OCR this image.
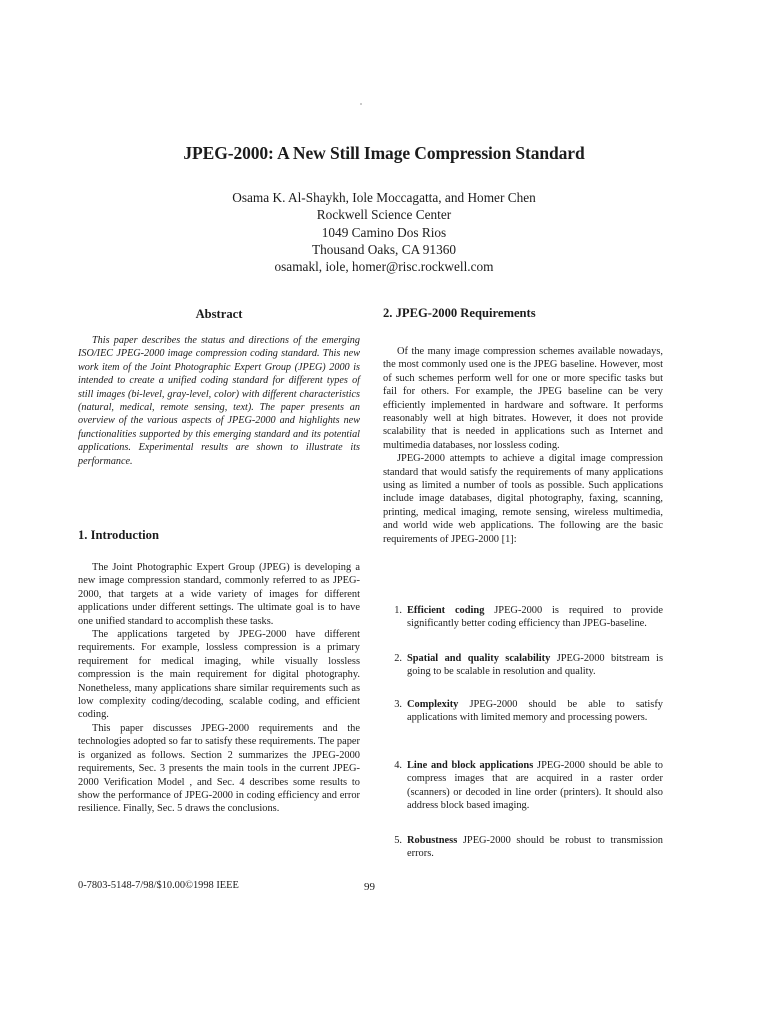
JPEG-2000: A New Still Image Compression Standard
Osama K. Al-Shaykh, Iole Moccagatta, and Homer Chen
Rockwell Science Center
1049 Camino Dos Rios
Thousand Oaks, CA 91360
osamakl, iole, homer@risc.rockwell.com
Abstract
This paper describes the status and directions of the emerging ISO/IEC JPEG-2000 image compression coding standard. This new work item of the Joint Photographic Expert Group (JPEG) 2000 is intended to create a unified coding standard for different types of still images (bi-level, gray-level, color) with different characteristics (natural, medical, remote sensing, text). The paper presents an overview of the various aspects of JPEG-2000 and highlights new functionalities supported by this emerging standard and its potential applications. Experimental results are shown to illustrate its performance.
1. Introduction

The Joint Photographic Expert Group (JPEG) is developing a new image compression standard, commonly referred to as JPEG-2000, that targets at a wide variety of images for different applications under different settings. The ultimate goal is to have one unified standard to accomplish these tasks.

The applications targeted by JPEG-2000 have different requirements. For example, lossless compression is a primary requirement for medical imaging, while visually lossless compression is the main requirement for digital photography. Nonetheless, many applications share similar requirements such as low complexity coding/decoding, scalable coding, and efficient coding.

This paper discusses JPEG-2000 requirements and the technologies adopted so far to satisfy these requirements. The paper is organized as follows. Section 2 summarizes the JPEG-2000 requirements, Sec. 3 presents the main tools in the current JPEG-2000 Verification Model , and Sec. 4 describes some results to show the performance of JPEG-2000 in coding efficiency and error resilience. Finally, Sec. 5 draws the conclusions.

2. JPEG-2000 Requirements

Of the many image compression schemes available nowadays, the most commonly used one is the JPEG baseline. However, most of such schemes perform well for one or more specific tasks but fail for others. For example, the JPEG baseline can be very efficiently implemented in hardware and software. It performs reasonably well at high bitrates. However, it does not provide scalability that is needed in applications such as Internet and multimedia databases, nor lossless coding.

JPEG-2000 attempts to achieve a digital image compression standard that would satisfy the requirements of many applications using as limited a number of tools as possible. Such applications include image databases, digital photography, faxing, scanning, printing, medical imaging, remote sensing, wireless multimedia, and world wide web applications. The following are the basic requirements of JPEG-2000 [1]:

1. Efficient coding JPEG-2000 is required to provide significantly better coding efficiency than JPEG-baseline.
2. Spatial and quality scalability JPEG-2000 bitstream is going to be scalable in resolution and quality.
3. Complexity JPEG-2000 should be able to satisfy applications with limited memory and processing powers.
4. Line and block applications JPEG-2000 should be able to compress images that are acquired in a raster order (scanners) or decoded in line order (printers). It should also address block based imaging.
5. Robustness JPEG-2000 should be robust to transmission errors.
0-7803-5148-7/98/$10.00©1998 IEEE	99
